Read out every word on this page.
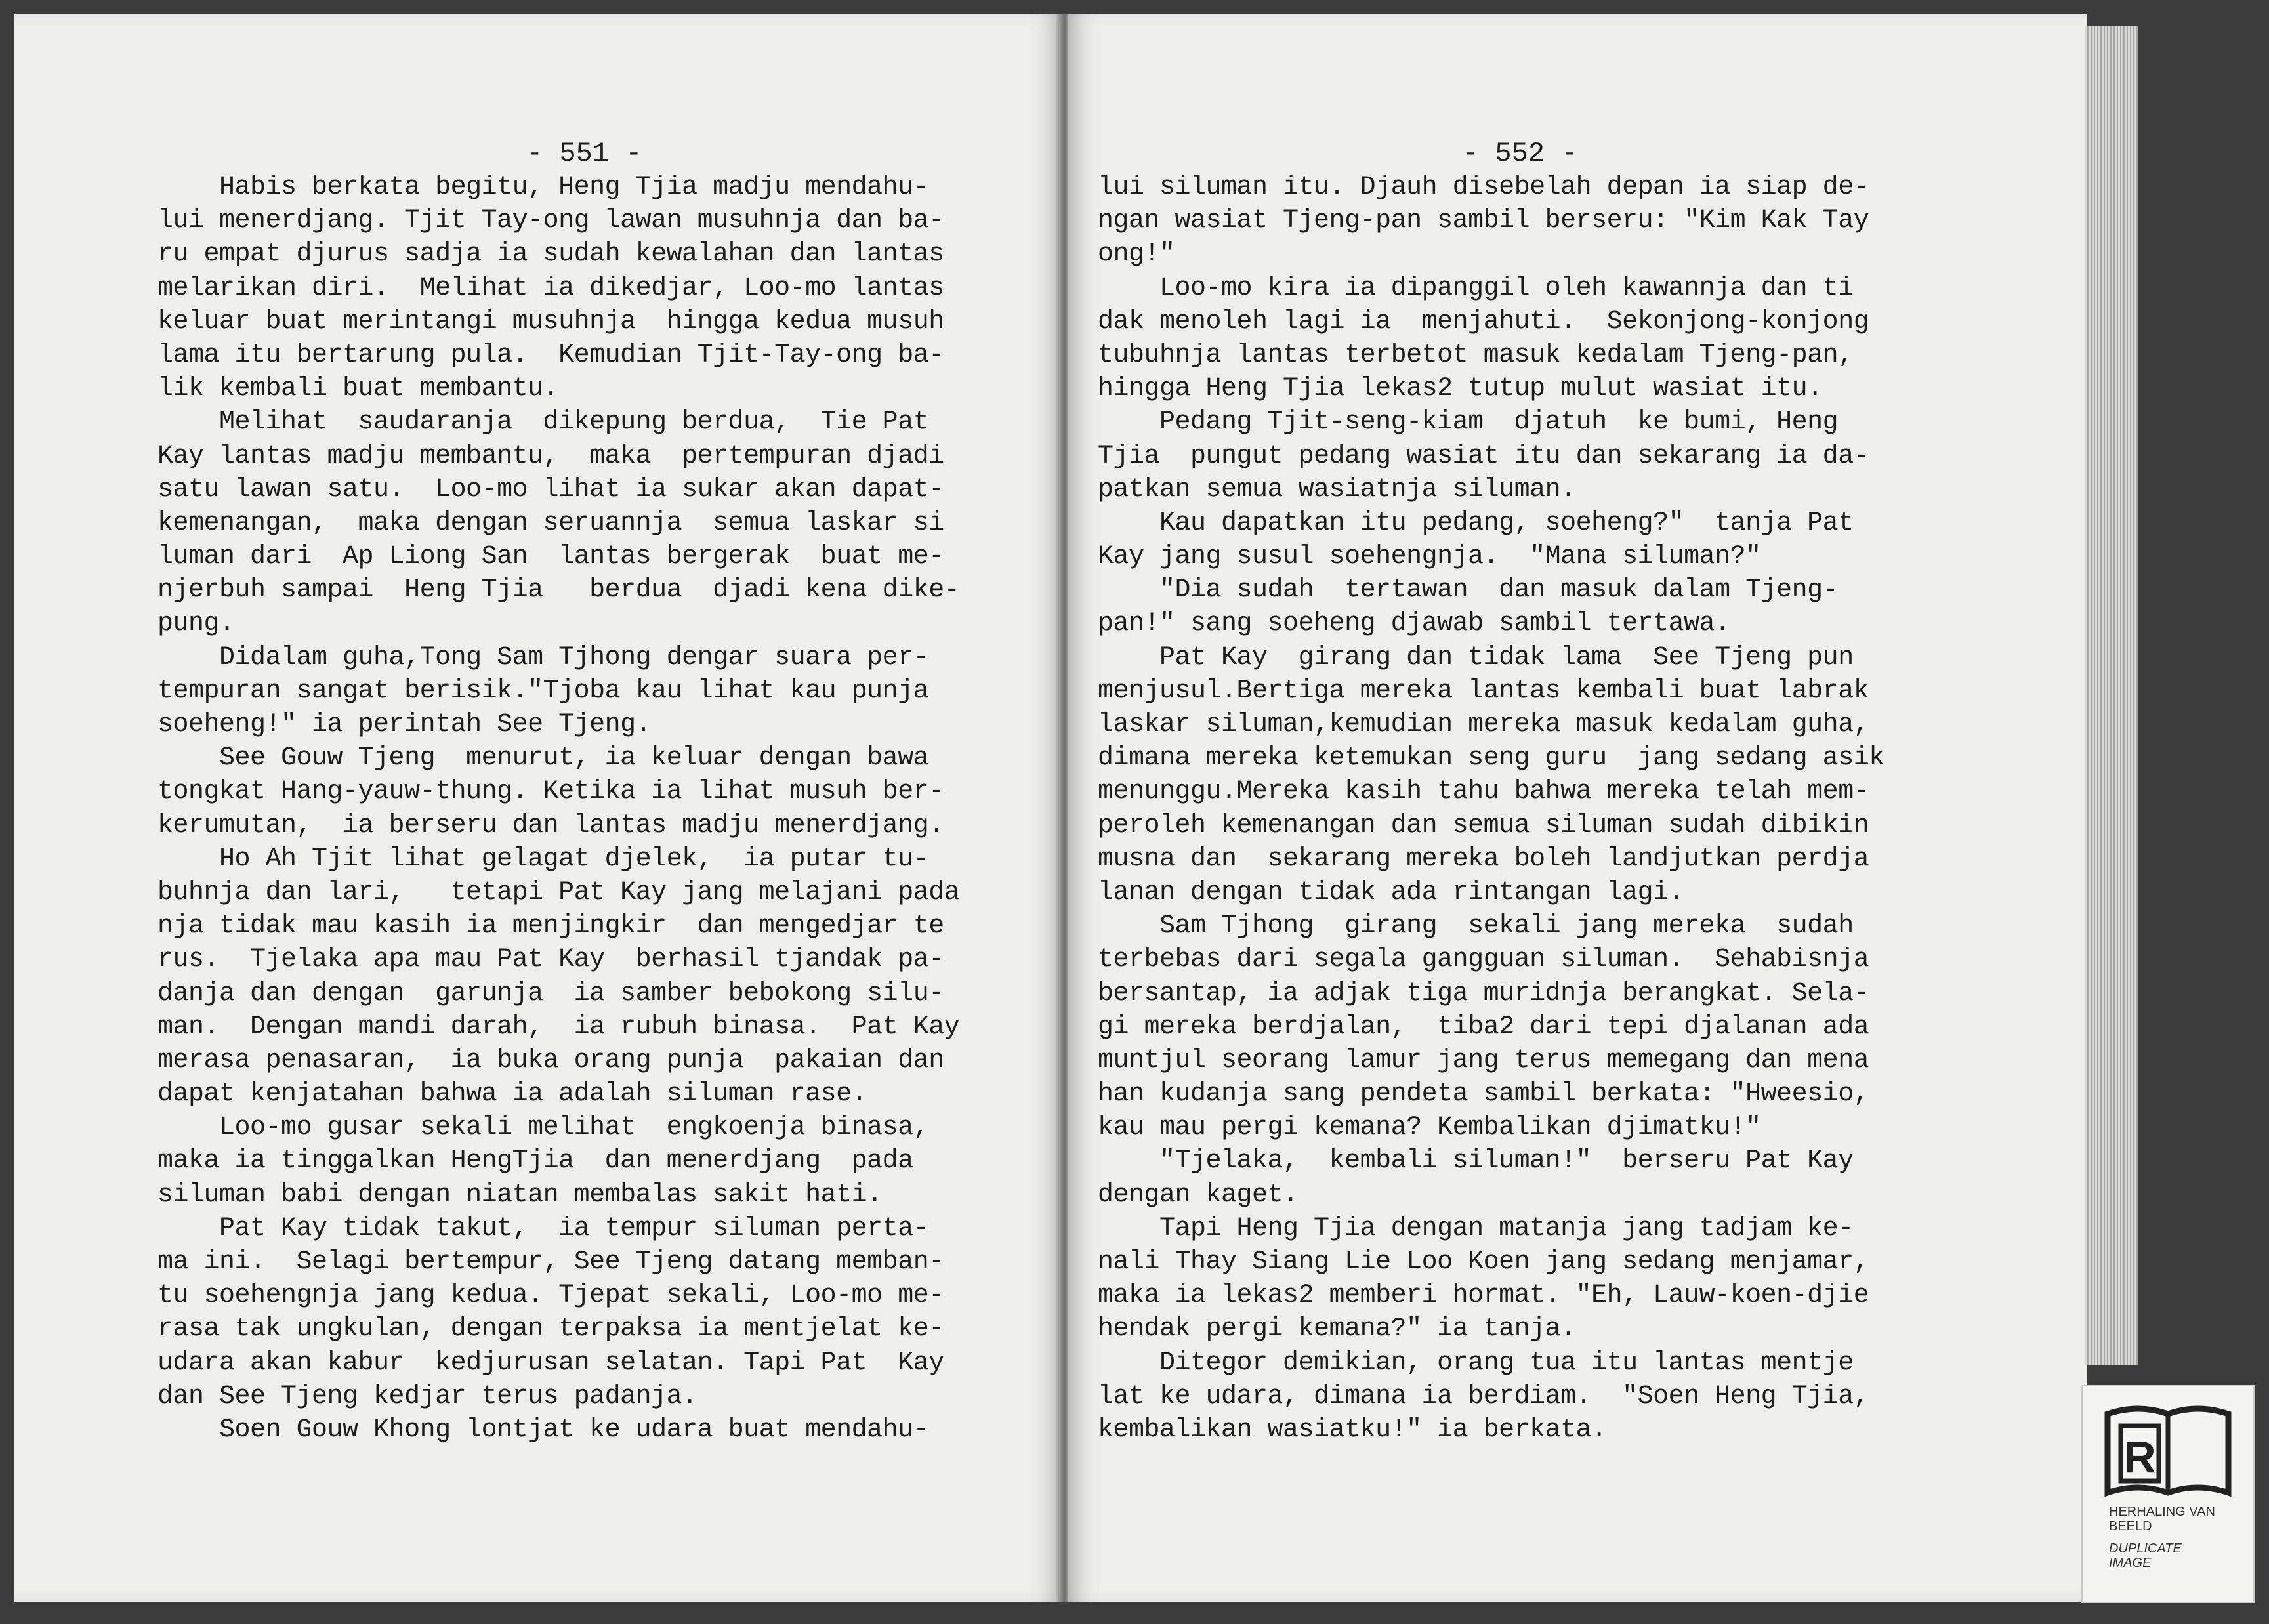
- 551 -
Habis berkata begitu, Heng Tjia madju mendahu-
lui menerdjang. Tjit Tay-ong lawan musuhnja dan ba-
ru empat djurus sadja ia sudah kewalahan dan lantas
melarikan diri.  Melihat ia dikedjar, Loo-mo lantas
keluar buat merintangi musuhnja  hingga kedua musuh
lama itu bertarung pula.  Kemudian Tjit-Tay-ong ba-
lik kembali buat membantu.
Melihat  saudaranja  dikepung berdua,  Tie Pat
Kay lantas madju membantu,  maka  pertempuran djadi
satu lawan satu.  Loo-mo lihat ia sukar akan dapat-
kemenangan,  maka dengan seruannja  semua laskar si
luman dari  Ap Liong San  lantas bergerak  buat me-
njerbuh sampai  Heng Tjia   berdua  djadi kena dike-
pung.
Didalam guha,Tong Sam Tjhong dengar suara per-
tempuran sangat berisik."Tjoba kau lihat kau punja
soeheng!" ia perintah See Tjeng.
See Gouw Tjeng  menurut, ia keluar dengan bawa
tongkat Hang-yauw-thung. Ketika ia lihat musuh ber-
kerumutan,  ia berseru dan lantas madju menerdjang.
Ho Ah Tjit lihat gelagat djelek,  ia putar tu-
buhnja dan lari,   tetapi Pat Kay jang melajani pada
nja tidak mau kasih ia menjingkir  dan mengedjar te
rus.  Tjelaka apa mau Pat Kay  berhasil tjandak pa-
danja dan dengan  garunja  ia samber bebokong silu-
man.  Dengan mandi darah,  ia rubuh binasa.  Pat Kay
merasa penasaran,  ia buka orang punja  pakaian dan
dapat kenjatahan bahwa ia adalah siluman rase.
Loo-mo gusar sekali melihat  engkoenja binasa,
maka ia tinggalkan HengTjia  dan menerdjang  pada
siluman babi dengan niatan membalas sakit hati.
Pat Kay tidak takut,  ia tempur siluman perta-
ma ini.  Selagi bertempur, See Tjeng datang memban-
tu soehengnja jang kedua. Tjepat sekali, Loo-mo me-
rasa tak ungkulan, dengan terpaksa ia mentjelat ke-
udara akan kabur  kedjurusan selatan. Tapi Pat  Kay
dan See Tjeng kedjar terus padanja.
Soen Gouw Khong lontjat ke udara buat mendahu-
- 552 -
lui siluman itu. Djauh disebelah depan ia siap de-
ngan wasiat Tjeng-pan sambil berseru: "Kim Kak Tay
ong!"
Loo-mo kira ia dipanggil oleh kawannja dan ti
dak menoleh lagi ia  menjahuti.  Sekonjong-konjong
tubuhnja lantas terbetot masuk kedalam Tjeng-pan,
hingga Heng Tjia lekas2 tutup mulut wasiat itu.
Pedang Tjit-seng-kiam  djatuh  ke bumi, Heng
Tjia  pungut pedang wasiat itu dan sekarang ia da-
patkan semua wasiatnja siluman.
Kau dapatkan itu pedang, soeheng?"  tanja Pat
Kay jang susul soehengnja.  "Mana siluman?"
"Dia sudah  tertawan  dan masuk dalam Tjeng-
pan!" sang soeheng djawab sambil tertawa.
Pat Kay  girang dan tidak lama  See Tjeng pun
menjusul.Bertiga mereka lantas kembali buat labrak
laskar siluman,kemudian mereka masuk kedalam guha,
dimana mereka ketemukan seng guru  jang sedang asik
menunggu.Mereka kasih tahu bahwa mereka telah mem-
peroleh kemenangan dan semua siluman sudah dibikin
musna dan  sekarang mereka boleh landjutkan perdja
lanan dengan tidak ada rintangan lagi.
Sam Tjhong  girang  sekali jang mereka  sudah
terbebas dari segala gangguan siluman.  Sehabisnja
bersantap, ia adjak tiga muridnja berangkat. Sela-
gi mereka berdjalan,  tiba2 dari tepi djalanan ada
muntjul seorang lamur jang terus memegang dan mena
han kudanja sang pendeta sambil berkata: "Hweesio,
kau mau pergi kemana? Kembalikan djimatku!"
"Tjelaka,  kembali siluman!"  berseru Pat Kay
dengan kaget.
Tapi Heng Tjia dengan matanja jang tadjam ke-
nali Thay Siang Lie Loo Koen jang sedang menjamar,
maka ia lekas2 memberi hormat. "Eh, Lauw-koen-djie
hendak pergi kemana?" ia tanja.
Ditegor demikian, orang tua itu lantas mentje
lat ke udara, dimana ia berdiam.  "Soen Heng Tjia,
kembalikan wasiatku!" ia berkata.
R
HERHALING VAN
BEELD
DUPLICATE
IMAGE
